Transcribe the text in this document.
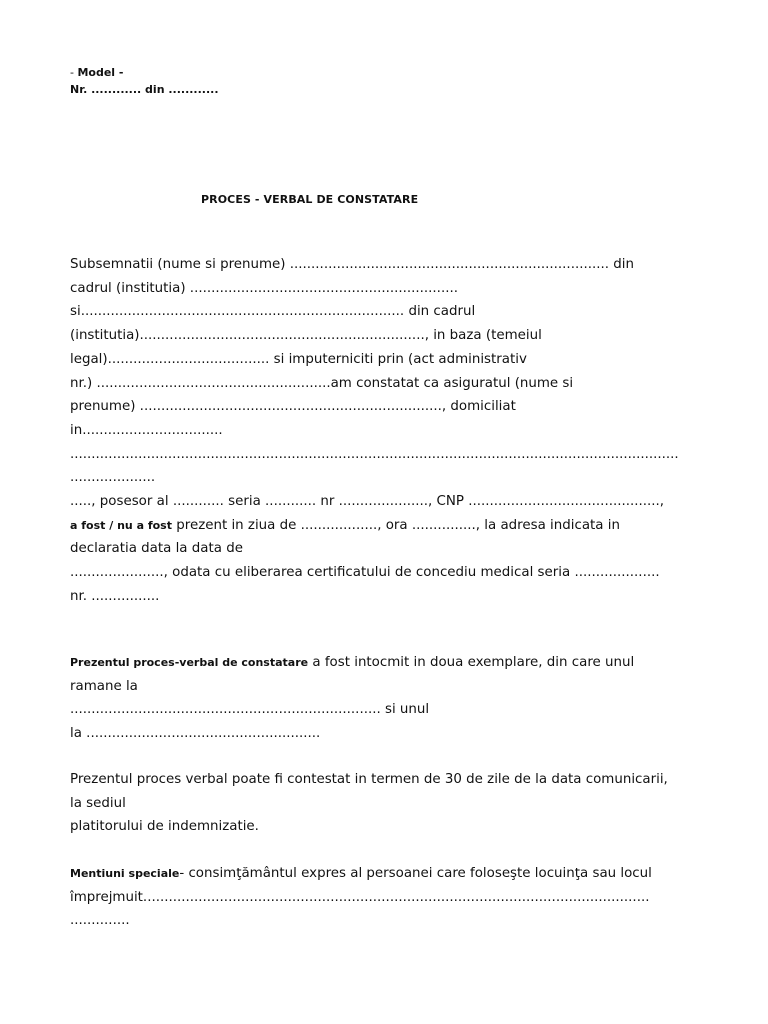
- Model -
Nr. ............ din ............
PROCES - VERBAL DE CONSTATARE
Subsemnatii (nume si prenume) ........................................................................... din
cadrul (institutia) ...............................................................
si............................................................................ din cadrul
(institutia)..................................................................., in baza (temeiul
legal)...................................... si imputerniciti prin (act administrativ
nr.) .......................................................am constatat ca asiguratul (nume si
prenume) ......................................................................., domiciliat
in.................................
...............................................................................................................................................
....................
....., posesor al ............ seria ............ nr ....................., CNP .............................................,
a fost / nu a fost prezent in ziua de .................., ora ..............., la adresa indicata in
declaratia data la data de
......................, odata cu eliberarea certificatului de concediu medical seria ....................
nr. ................
Prezentul proces-verbal de constatare a fost intocmit in doua exemplare, din care unul
ramane la
......................................................................... si unul
la .......................................................
Prezentul proces verbal poate fi contestat in termen de 30 de zile de la data comunicarii,
la sediul
platitorului de indemnizatie.
Mentiuni speciale- consimţământul expres al persoanei care foloseşte locuinţa sau locul
împrejmuit.......................................................................................................................
..............
